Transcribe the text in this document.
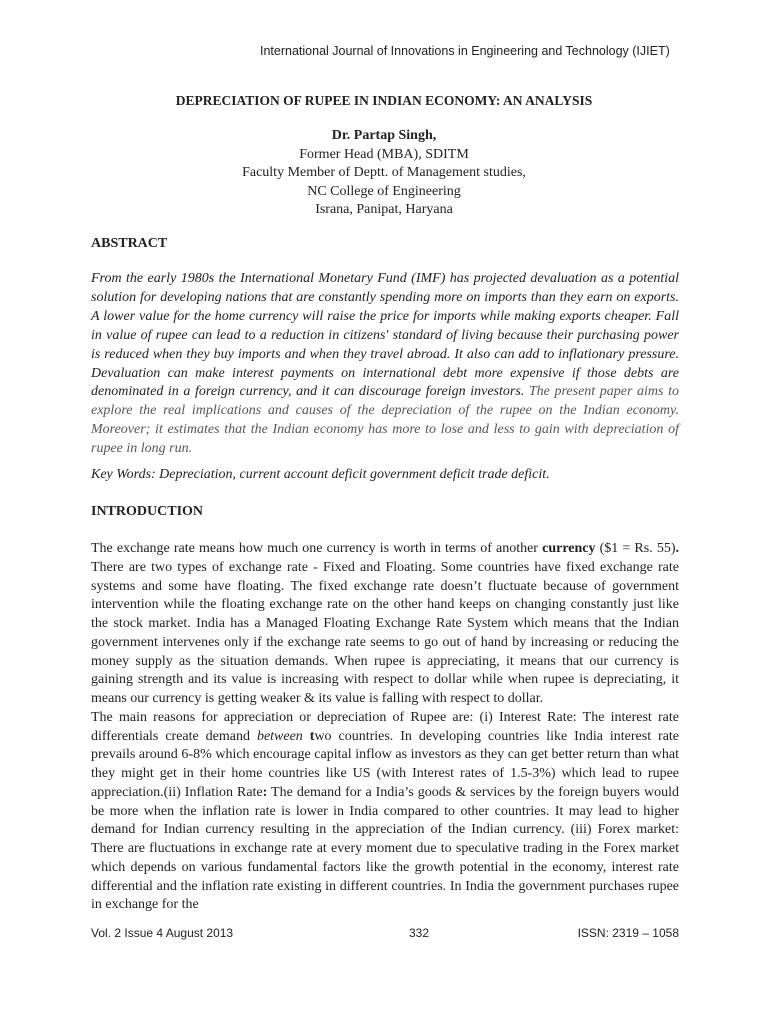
International Journal of Innovations in Engineering and Technology (IJIET)
DEPRECIATION OF RUPEE IN INDIAN ECONOMY: AN ANALYSIS
Dr. Partap Singh,
Former Head (MBA), SDITM
Faculty Member of Deptt. of Management studies,
NC College of Engineering
Israna, Panipat, Haryana
ABSTRACT

From the early 1980s the International Monetary Fund (IMF) has projected devaluation as a potential solution for developing nations that are constantly spending more on imports than they earn on exports. A lower value for the home currency will raise the price for imports while making exports cheaper. Fall in value of rupee can lead to a reduction in citizens' standard of living because their purchasing power is reduced when they buy imports and when they travel abroad. It also can add to inflationary pressure. Devaluation can make interest payments on international debt more expensive if those debts are denominated in a foreign currency, and it can discourage foreign investors. The present paper aims to explore the real implications and causes of the depreciation of the rupee on the Indian economy. Moreover; it estimates that the Indian economy has more to lose and less to gain with depreciation of rupee in long run.

Key Words: Depreciation, current account deficit government deficit trade deficit.

INTRODUCTION

The exchange rate means how much one currency is worth in terms of another currency ($1 = Rs. 55). There are two types of exchange rate - Fixed and Floating. Some countries have fixed exchange rate systems and some have floating. The fixed exchange rate doesn’t fluctuate because of government intervention while the floating exchange rate on the other hand keeps on changing constantly just like the stock market. India has a Managed Floating Exchange Rate System which means that the Indian government intervenes only if the exchange rate seems to go out of hand by increasing or reducing the money supply as the situation demands. When rupee is appreciating, it means that our currency is gaining strength and its value is increasing with respect to dollar while when rupee is depreciating, it means our currency is getting weaker & its value is falling with respect to dollar.

The main reasons for appreciation or depreciation of Rupee are: (i) Interest Rate: The interest rate differentials create demand between two countries. In developing countries like India interest rate prevails around 6-8% which encourage capital inflow as investors as they can get better return than what they might get in their home countries like US (with Interest rates of 1.5-3%) which lead to rupee appreciation.(ii) Inflation Rate: The demand for a India’s goods & services by the foreign buyers would be more when the inflation rate is lower in India compared to other countries. It may lead to higher demand for Indian currency resulting in the appreciation of the Indian currency. (iii) Forex market: There are fluctuations in exchange rate at every moment due to speculative trading in the Forex market which depends on various fundamental factors like the growth potential in the economy, interest rate differential and the inflation rate existing in different countries. In India the government purchases rupee in exchange for the

Vol. 2 Issue 4 August 2013	332	ISSN: 2319 – 1058
